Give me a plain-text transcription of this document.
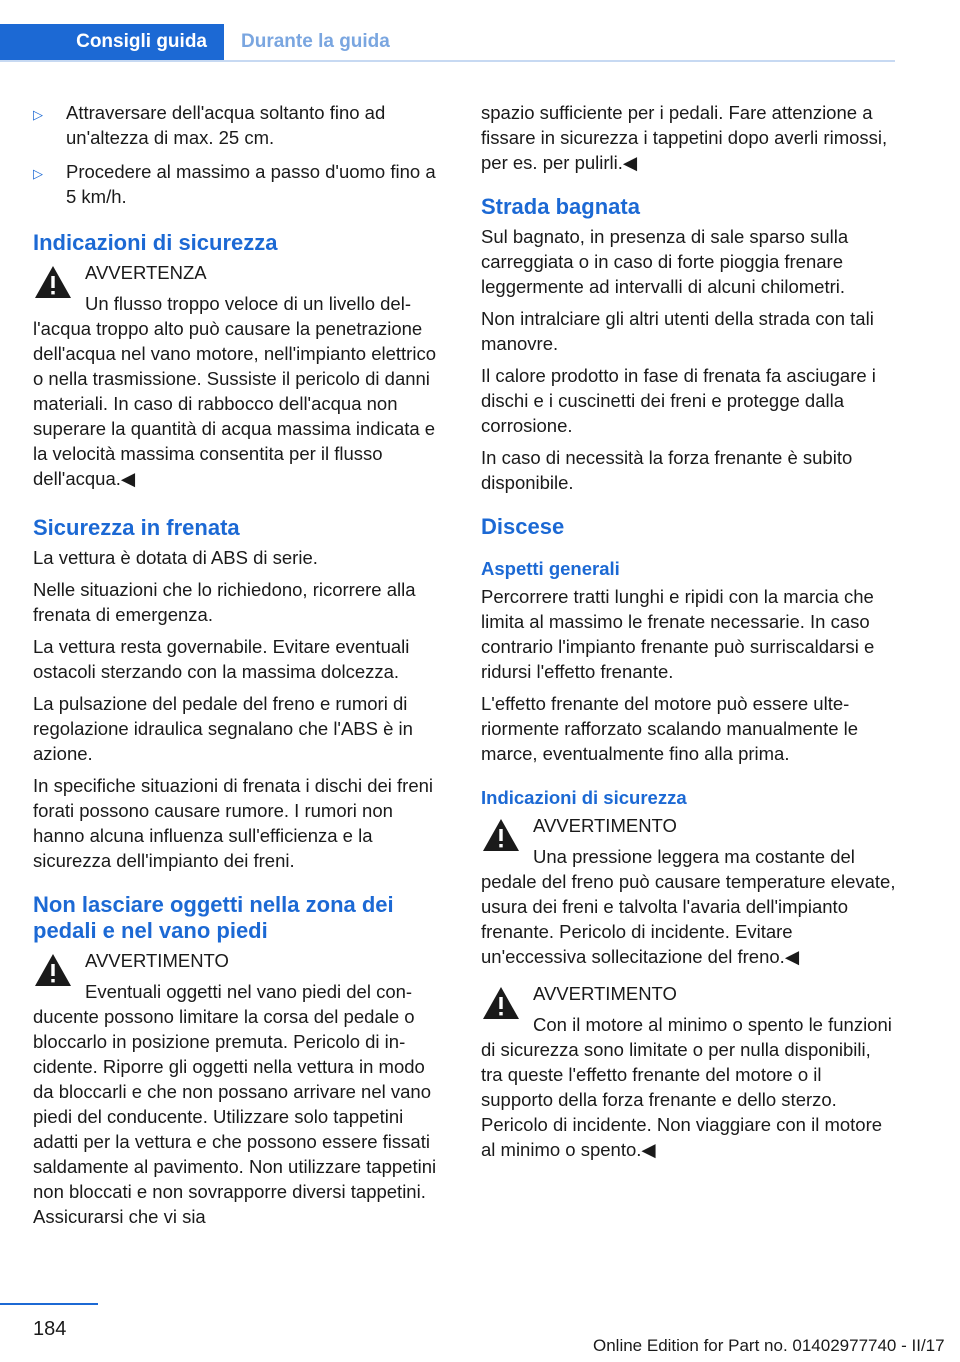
Consigli guida	Durante la guida
▷	Attraversare dell'acqua soltanto fino ad un'altezza di max. 25 cm.
▷	Procedere al massimo a passo d'uomo fino a 5 km/h.
Indicazioni di sicurezza
AVVERTENZA
Un flusso troppo veloce di un livello dell'acqua troppo alto può causare la penetrazione dell'acqua nel vano motore, nell'impianto elettrico o nella trasmissione. Sussiste il pericolo di danni materiali. In caso di rabbocco dell'acqua non superare la quantità di acqua massima indicata e la velocità massima consentita per il flusso dell'acqua.◀
Sicurezza in frenata

La vettura è dotata di ABS di serie.

Nelle situazioni che lo richiedono, ricorrere alla frenata di emergenza.

La vettura resta governabile. Evitare eventuali ostacoli sterzando con la massima dolcezza.

La pulsazione del pedale del freno e rumori di regolazione idraulica segnalano che l'ABS è in azione.

In specifiche situazioni di frenata i dischi dei freni forati possono causare rumore. I rumori non hanno alcuna influenza sull'efficienza e la sicurezza dell'impianto dei freni.

Non lasciare oggetti nella zona dei pedali e nel vano piedi
AVVERTIMENTO
Eventuali oggetti nel vano piedi del conducente possono limitare la corsa del pedale o bloccarlo in posizione premuta. Pericolo di incidente. Riporre gli oggetti nella vettura in modo da bloccarli e che non possano arrivare nel vano piedi del conducente. Utilizzare solo tappetini adatti per la vettura e che possono essere fissati saldamente al pavimento. Non utilizzare tappetini non bloccati e non sovrapporre diversi tappetini. Assicurarsi che vi sia

spazio sufficiente per i pedali. Fare attenzione a fissare in sicurezza i tappetini dopo averli rimossi, per es. per pulirli.◀

Strada bagnata

Sul bagnato, in presenza di sale sparso sulla carreggiata o in caso di forte pioggia frenare leggermente ad intervalli di alcuni chilometri.

Non intralciare gli altri utenti della strada con tali manovre.

Il calore prodotto in fase di frenata fa asciugare i dischi e i cuscinetti dei freni e protegge dalla corrosione.

In caso di necessità la forza frenante è subito disponibile.

Discese
Aspetti generali

Percorrere tratti lunghi e ripidi con la marcia che limita al massimo le frenate necessarie. In caso contrario l'impianto frenante può surriscaldarsi e ridursi l'effetto frenante.

L'effetto frenante del motore può essere ulteriormente rafforzato scalando manualmente le marce, eventualmente fino alla prima.

Indicazioni di sicurezza
AVVERTIMENTO
Una pressione leggera ma costante del pedale del freno può causare temperature elevate, usura dei freni e talvolta l'avaria dell'impianto frenante. Pericolo di incidente. Evitare un'eccessiva sollecitazione del freno.◀
AVVERTIMENTO
Con il motore al minimo o spento le funzioni di sicurezza sono limitate o per nulla disponibili, tra queste l'effetto frenante del motore o il supporto della forza frenante e dello sterzo. Pericolo di incidente. Non viaggiare con il motore al minimo o spento.◀
184
Online Edition for Part no. 01402977740 - II/17
